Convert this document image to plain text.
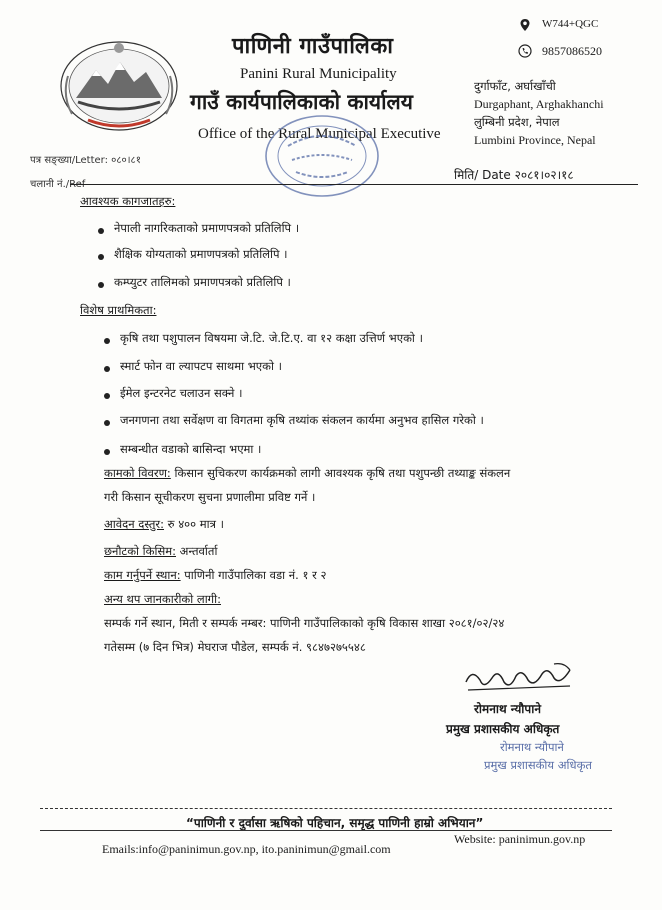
पाणिनी गाउँपालिका
Panini Rural Municipality
गाउँ कार्यपालिकाको कार्यालय
Office of the Rural Municipal Executive
W744+QGC
9857086520
दुर्गाफाँट, अर्घाखाँची
Durgaphant, Arghakhanchi
लुम्बिनी प्रदेश, नेपाल
Lumbini Province, Nepal
पत्र सङ्ख्या/Letter: ०८०।८१
चलानी नं./Ref
मिति/ Date २०८१।०२।१८
आवश्यक कागजातहरु:
नेपाली नागरिकताको प्रमाणपत्रको प्रतिलिपि ।
शैक्षिक योग्यताको प्रमाणपत्रको प्रतिलिपि ।
कम्प्युटर तालिमको प्रमाणपत्रको प्रतिलिपि ।
विशेष प्राथमिकता:
कृषि तथा पशुपालन विषयमा जे.टि. जे.टि.ए. वा १२ कक्षा उत्तिर्ण भएको ।
स्मार्ट फोन वा ल्यापटप साथमा भएको ।
ईमेल इन्टरनेट चलाउन सक्ने ।
जनगणना तथा सर्वेक्षण वा विगतमा कृषि तथ्यांक संकलन कार्यमा अनुभव हासिल गरेको ।
सम्बन्धीत वडाको बासिन्दा भएमा ।
कामको विवरण: किसान सुचिकरण कार्यक्रमको लागी आवश्यक कृषि तथा पशुपन्छी तथ्याङ्क संकलन
गरी किसान सूचीकरण सुचना प्रणालीमा प्रविष्ट गर्ने ।
आवेदन दस्तुर: रु ४०० मात्र ।
छनौटको किसिम: अन्तर्वार्ता
काम गर्नुपर्ने स्थान: पाणिनी गाउँपालिका वडा नं. १ र २
अन्य थप जानकारीको लागी:
सम्पर्क गर्ने स्थान, मिती र सम्पर्क नम्बर: पाणिनी गाउँपालिकाको कृषि विकास शाखा २०८१/०२/२४
गतेसम्म (७ दिन भित्र) मेघराज पौडेल, सम्पर्क नं. ९८४७२७५५४८
रोमनाथ न्यौपाने
प्रमुख प्रशासकीय अधिकृत
रोमनाथ न्यौपाने
प्रमुख प्रशासकीय अधिकृत
“पाणिनी र दुर्वासा ऋषिको पहिचान, समृद्ध पाणिनी हाम्रो अभियान”
Emails:info@paninimun.gov.np, ito.paninimun@gmail.com
Website: paninimun.gov.np
